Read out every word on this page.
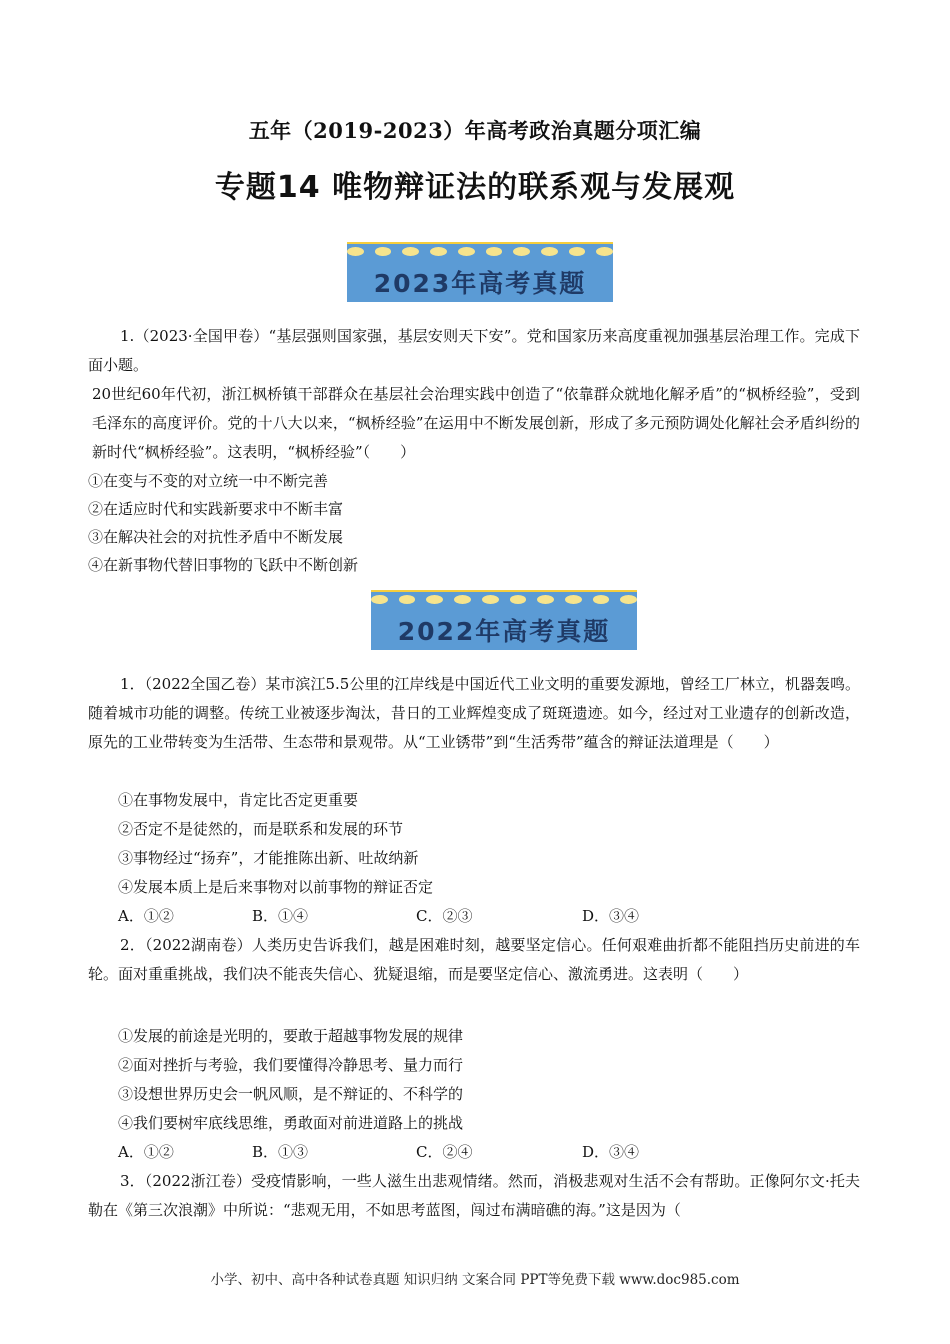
五年（2019-2023）年高考政治真题分项汇编
专题14 唯物辩证法的联系观与发展观
2023年高考真题

1.（2023·全国甲卷）“基层强则国家强，基层安则天下安”。党和国家历来高度重视加强基层治理工作。完成下面小题。

20世纪60年代初，浙江枫桥镇干部群众在基层社会治理实践中创造了“依靠群众就地化解矛盾”的“枫桥经验”，受到毛泽东的高度评价。党的十八大以来，“枫桥经验”在运用中不断发展创新，形成了多元预防调处化解社会矛盾纠纷的新时代“枫桥经验”。这表明，“枫桥经验”（　　）

①在变与不变的对立统一中不断完善

②在适应时代和实践新要求中不断丰富

③在解决社会的对抗性矛盾中不断发展

④在新事物代替旧事物的飞跃中不断创新

2022年高考真题

1．（2022全国乙卷）某市滨江5.5公里的江岸线是中国近代工业文明的重要发源地，曾经工厂林立，机器轰鸣。随着城市功能的调整。传统工业被逐步淘汰，昔日的工业辉煌变成了斑斑遗迹。如今，经过对工业遗存的创新改造，原先的工业带转变为生活带、生态带和景观带。从“工业锈带”到“生活秀带”蕴含的辩证法道理是（　　）

①在事物发展中，肯定比否定更重要

②否定不是徒然的，而是联系和发展的环节

③事物经过“扬弃”，才能推陈出新、吐故纳新

④发展本质上是后来事物对以前事物的辩证否定

A．①②	B．①④	C．②③	D．③④

2．（2022湖南卷）人类历史告诉我们，越是困难时刻，越要坚定信心。任何艰难曲折都不能阻挡历史前进的车轮。面对重重挑战，我们决不能丧失信心、犹疑退缩，而是要坚定信心、激流勇进。这表明（　　）

①发展的前途是光明的，要敢于超越事物发展的规律

②面对挫折与考验，我们要懂得冷静思考、量力而行

③设想世界历史会一帆风顺，是不辩证的、不科学的

④我们要树牢底线思维，勇敢面对前进道路上的挑战

A．①②	B．①③	C．②④	D．③④

3．（2022浙江卷）受疫情影响，一些人滋生出悲观情绪。然而，消极悲观对生活不会有帮助。正像阿尔文·托夫勒在《第三次浪潮》中所说：“悲观无用，不如思考蓝图，闯过布满暗礁的海。”这是因为（

小学、初中、高中各种试卷真题 知识归纳 文案合同 PPT等免费下载 www.doc985.com
